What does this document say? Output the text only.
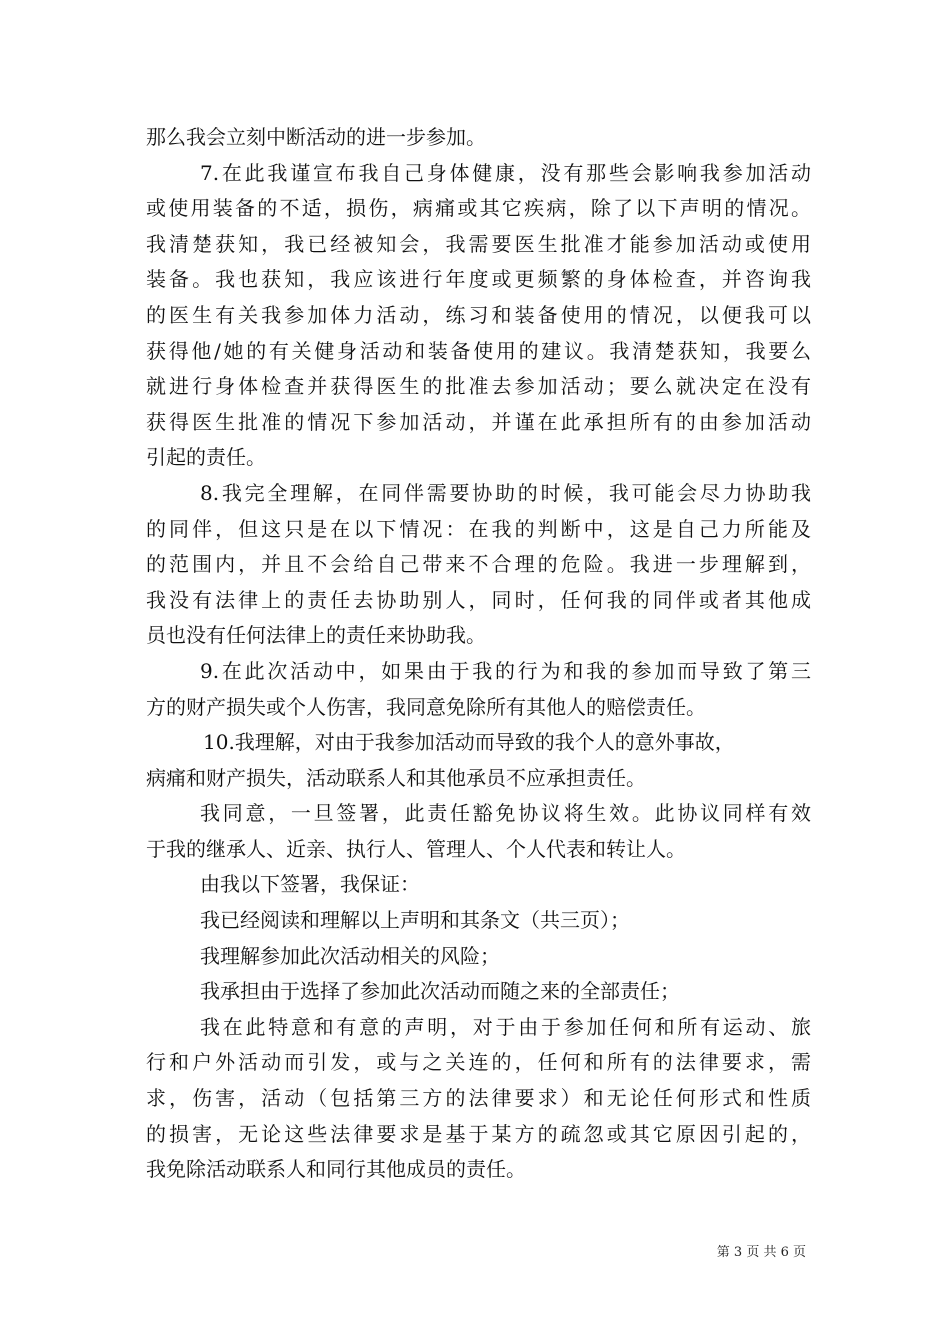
那么我会立刻中断活动的进一步参加。
7.在此我谨宣布我自己身体健康，没有那些会影响我参加活动
或使用装备的不适，损伤，病痛或其它疾病，除了以下声明的情况。
我清楚获知，我已经被知会，我需要医生批准才能参加活动或使用
装备。我也获知，我应该进行年度或更频繁的身体检查，并咨询我
的医生有关我参加体力活动，练习和装备使用的情况，以便我可以
获得他/她的有关健身活动和装备使用的建议。我清楚获知，我要么
就进行身体检查并获得医生的批准去参加活动；要么就决定在没有
获得医生批准的情况下参加活动，并谨在此承担所有的由参加活动
引起的责任。
8.我完全理解，在同伴需要协助的时候，我可能会尽力协助我
的同伴，但这只是在以下情况：在我的判断中，这是自己力所能及
的范围内，并且不会给自己带来不合理的危险。我进一步理解到，
我没有法律上的责任去协助别人，同时，任何我的同伴或者其他成
员也没有任何法律上的责任来协助我。
9.在此次活动中，如果由于我的行为和我的参加而导致了第三
方的财产损失或个人伤害，我同意免除所有其他人的赔偿责任。
10.我理解，对由于我参加活动而导致的我个人的意外事故，
病痛和财产损失，活动联系人和其他承员不应承担责任。
我同意，一旦签署，此责任豁免协议将生效。此协议同样有效
于我的继承人、近亲、执行人、管理人、个人代表和转让人。
由我以下签署，我保证：
我已经阅读和理解以上声明和其条文（共三页）；
我理解参加此次活动相关的风险；
我承担由于选择了参加此次活动而随之来的全部责任；
我在此特意和有意的声明，对于由于参加任何和所有运动、旅
行和户外活动而引发，或与之关连的，任何和所有的法律要求，需
求，伤害，活动（包括第三方的法律要求）和无论任何形式和性质
的损害，无论这些法律要求是基于某方的疏忽或其它原因引起的，
我免除活动联系人和同行其他成员的责任。
第 3 页 共 6 页
